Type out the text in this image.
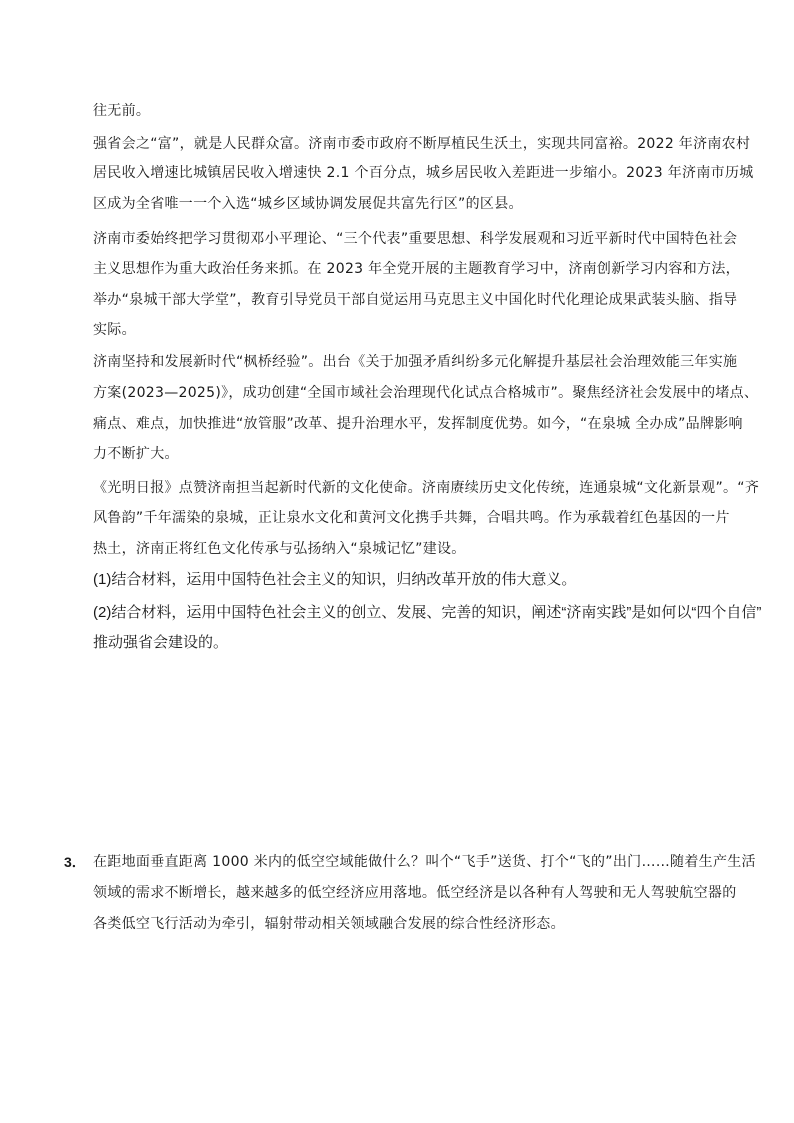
往无前。
强省会之“富”，就是人民群众富。济南市委市政府不断厚植民生沃土，实现共同富裕。2022 年济南农村
居民收入增速比城镇居民收入增速快 2.1 个百分点，城乡居民收入差距进一步缩小。2023 年济南市历城
区成为全省唯一一个入选“城乡区域协调发展促共富先行区”的区县。
济南市委始终把学习贯彻邓小平理论、“三个代表”重要思想、科学发展观和习近平新时代中国特色社会
主义思想作为重大政治任务来抓。在 2023 年全党开展的主题教育学习中，济南创新学习内容和方法，
举办“泉城干部大学堂”，教育引导党员干部自觉运用马克思主义中国化时代化理论成果武装头脑、指导
实际。
济南坚持和发展新时代“枫桥经验”。出台《关于加强矛盾纠纷多元化解提升基层社会治理效能三年实施
方案(2023—2025)》，成功创建“全国市域社会治理现代化试点合格城市”。聚焦经济社会发展中的堵点、
痛点、难点，加快推进“放管服”改革、提升治理水平，发挥制度优势。如今，“在泉城 全办成”品牌影响
力不断扩大。
《光明日报》点赞济南担当起新时代新的文化使命。济南赓续历史文化传统，连通泉城“文化新景观”。“齐
风鲁韵”千年濡染的泉城，正让泉水文化和黄河文化携手共舞，合唱共鸣。作为承载着红色基因的一片
热土，济南正将红色文化传承与弘扬纳入“泉城记忆”建设。
(1)结合材料，运用中国特色社会主义的知识，归纳改革开放的伟大意义。
(2)结合材料，运用中国特色社会主义的创立、发展、完善的知识，阐述“济南实践”是如何以“四个自信”
推动强省会建设的。
3． 在距地面垂直距离 1000 米内的低空空域能做什么？叫个“飞手”送货、打个“飞的”出门……随着生产生活
领域的需求不断增长，越来越多的低空经济应用落地。低空经济是以各种有人驾驶和无人驾驶航空器的
各类低空飞行活动为牵引，辐射带动相关领域融合发展的综合性经济形态。
